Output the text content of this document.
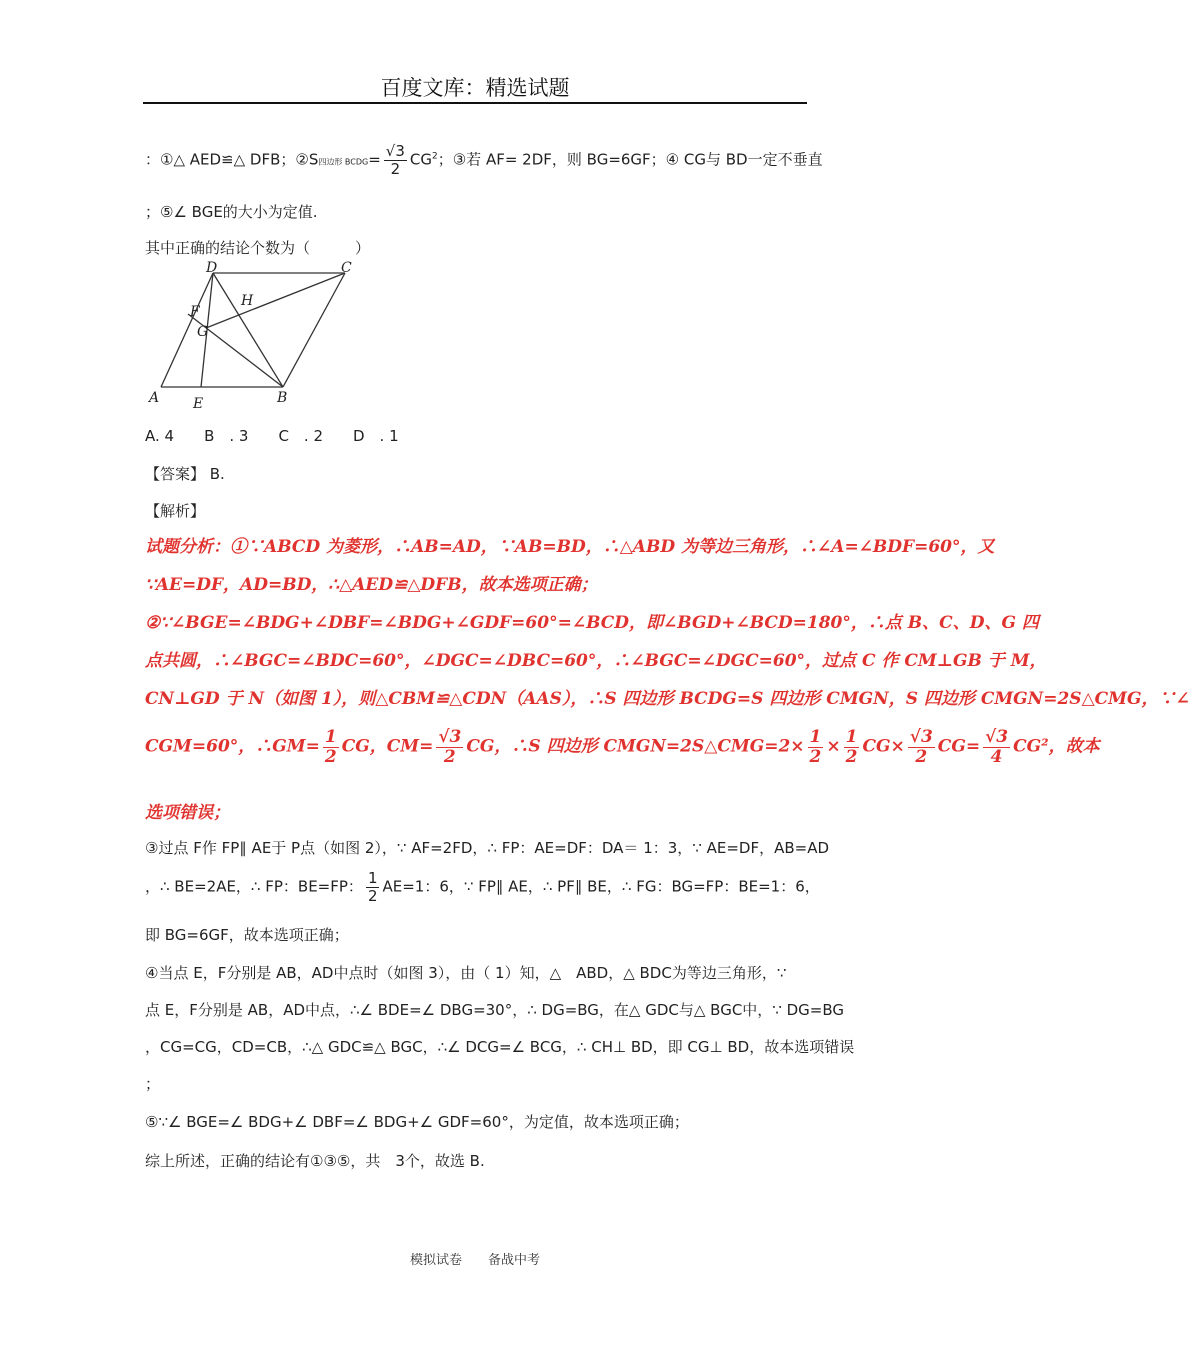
百度文库：精选试题
：①△ AED≌△ DFB；②S四边形 BCDG= $\frac{√3}{2} CG^2$；③若 AF= 2DF，则 BG=6GF；④ CG与 BD一定不垂直
；⑤∠ BGE的大小为定值.
其中正确的结论个数为（　　　）
D	C
H
F
G
A E	B
A. 4　　B　. 3　　C　. 2　　D　. 1
【答案】 B.
【解析】
试题分析：①∵ABCD 为菱形，∴AB=AD，∵AB=BD，∴△ABD 为等边三角形，∴∠A=∠BDF=60°，又
∵AE=DF，AD=BD，∴△AED≌△DFB，故本选项正确；
②∵∠BGE=∠BDG+∠DBF=∠BDG+∠GDF=60°=∠BCD，即∠BGD+∠BCD=180°，∴点 B、C、D、G 四
点共圆，∴∠BGC=∠BDC=60°，∠DGC=∠DBC=60°，∴∠BGC=∠DGC=60°，过点 C 作 CM⊥GB 于 M，
CN⊥GD 于 N（如图 1），则△CBM≌△CDN（AAS），∴S 四边形 BCDG=S 四边形 CMGN，S 四边形 CMGN=2S△CMG，∵∠
CGM=60°，∴GM= $\frac{1}{2}$ CG，$CM= \frac{√3}{2}$ CG，∴S 四边形 CMGN=2S△CMG=2× $\frac{1}{2} \times \frac{1}{2} CG\times \frac{√3}{2} CG= \frac{√3}{4} CG^2$，故本
选项错误；
③过点 F作 FP∥ AE于 P点（如图 2），∵ AF=2FD，∴ FP：AE=DF：DA＝ 1：3，∵ AE=DF，AB=AD
，∴ BE=2AE，∴ FP：BE=FP： $\frac{1}{2} AE=1$：6，∵ FP∥ AE，∴ PF∥ BE，∴ FG：BG=FP：BE=1：6，
即 BG=6GF，故本选项正确；
④当点 E，F分别是 AB，AD中点时（如图 3），由（ 1）知，△　ABD，△ BDC为等边三角形，∵
点 E，F分别是 AB，AD中点，∴∠ BDE=∠ DBG=30°，∴ DG=BG，在△ GDC与△ BGC中，∵ DG=BG
，CG=CG，CD=CB，∴△ GDC≌△ BGC，∴∠ DCG=∠ BCG，∴ CH⊥ BD，即 CG⊥ BD，故本选项错误
；
⑤∵∠ BGE=∠ BDG+∠ DBF=∠ BDG+∠ GDF=60°，为定值，故本选项正确；
综上所述，正确的结论有①③⑤，共　3个，故选 B.
模拟试卷　　备战中考
